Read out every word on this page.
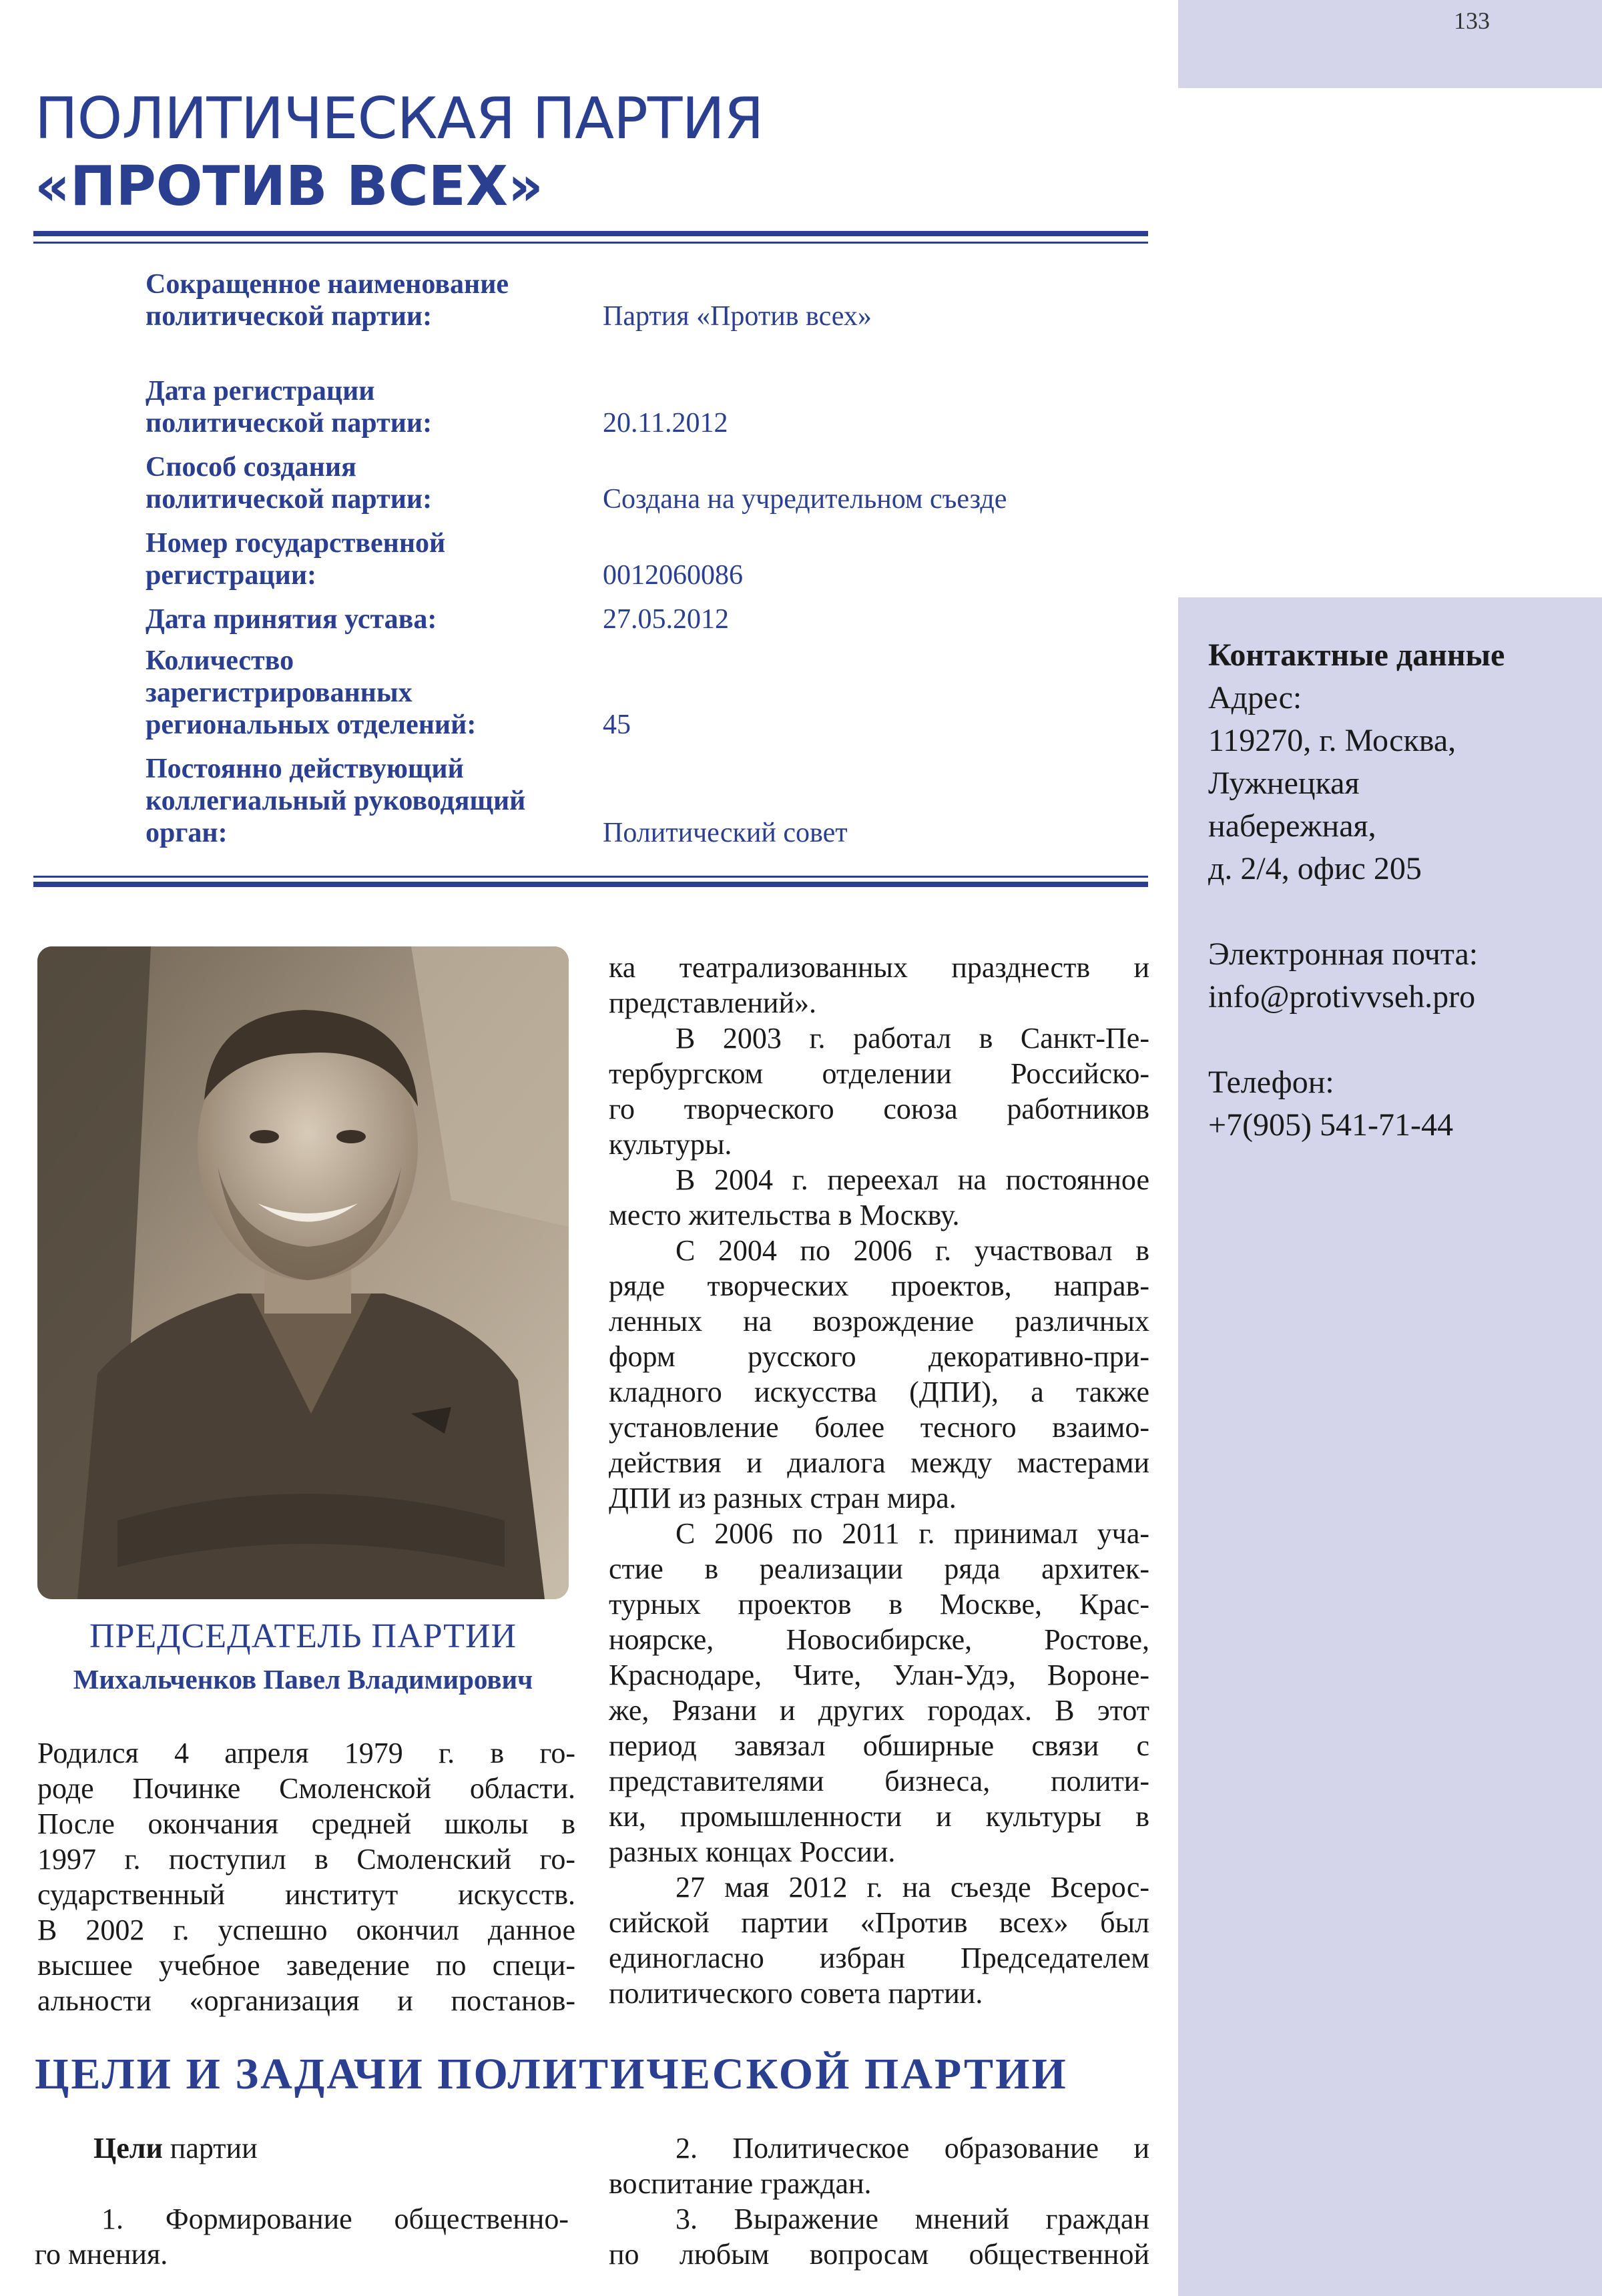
133
ПОЛИТИЧЕСКАЯ ПАРТИЯ
«ПРОТИВ ВСЕХ»
Сокращенное наименование
политической партии:	Партия «Против всех»
Дата регистрации
политической партии:	20.11.2012
Способ создания
политической партии:	Создана на учредительном съезде
Номер государственной
регистрации:	0012060086
Дата принятия устава:	27.05.2012
Количество
зарегистрированных
региональных отделений:	45
Постоянно действующий
коллегиальный руководящий
орган:	Политический совет
ПРЕДСЕДАТЕЛЬ ПАРТИИ
Михальченков Павел Владимирович
Родился 4 апреля 1979 г. в го-
роде Починке Смоленской области.
После окончания средней школы в
1997 г. поступил в Смоленский го-
сударственный институт искусств.
В 2002 г. успешно окончил данное
высшее учебное заведение по специ-
альности «организация и постанов-
ка театрализованных празднеств и
представлений».
В 2003 г. работал в Санкт-Пе-
тербургском отделении Российско-
го творческого союза работников
культуры.
В 2004 г. переехал на постоянное
место жительства в Москву.
С 2004 по 2006 г. участвовал в
ряде творческих проектов, направ-
ленных на возрождение различных
форм русского декоративно-при-
кладного искусства (ДПИ), а также
установление более тесного взаимо-
действия и диалога между мастерами
ДПИ из разных стран мира.
С 2006 по 2011 г. принимал уча-
стие в реализации ряда архитек-
турных проектов в Москве, Крас-
ноярске, Новосибирске, Ростове,
Краснодаре, Чите, Улан-Удэ, Вороне-
же, Рязани и других городах. В этот
период завязал обширные связи с
представителями бизнеса, полити-
ки, промышленности и культуры в
разных концах России.
27 мая 2012 г. на съезде Всерос-
сийской партии «Против всех» был
единогласно избран Председателем
политического совета партии.
Контактные данные
Адрес:
119270, г. Москва,
Лужнецкая
набережная,
д. 2/4, офис 205
Электронная почта:
info@protivvseh.pro
Телефон:
+7(905) 541-71-44
ЦЕЛИ И ЗАДАЧИ ПОЛИТИЧЕСКОЙ ПАРТИИ
Цели партии
1. Формирование общественно-
го мнения.
2. Политическое образование и
воспитание граждан.
3. Выражение мнений граждан
по любым вопросам общественной
